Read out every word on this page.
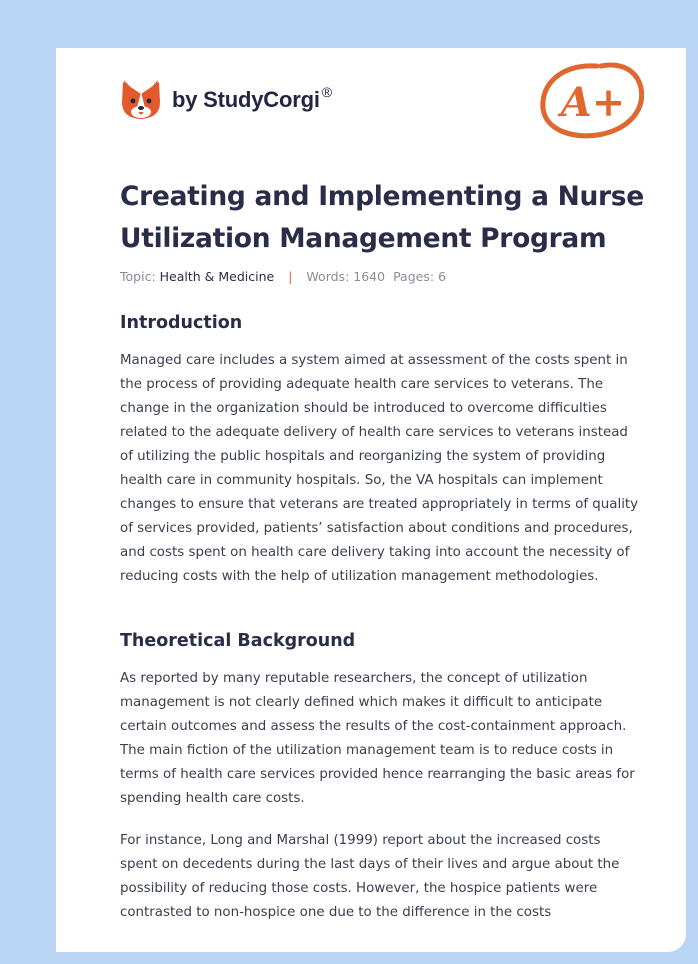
by StudyCorgi ®	A+
Creating and Implementing a Nurse Utilization Management Program
Topic: Health & Medicine | Words: 1640 Pages: 6
Introduction

Managed care includes a system aimed at assessment of the costs spent in the process of providing adequate health care services to veterans. The change in the organization should be introduced to overcome difficulties related to the adequate delivery of health care services to veterans instead of utilizing the public hospitals and reorganizing the system of providing health care in community hospitals. So, the VA hospitals can implement changes to ensure that veterans are treated appropriately in terms of quality of services provided, patients’ satisfaction about conditions and procedures, and costs spent on health care delivery taking into account the necessity of reducing costs with the help of utilization management methodologies.

Theoretical Background

As reported by many reputable researchers, the concept of utilization management is not clearly defined which makes it difficult to anticipate certain outcomes and assess the results of the cost-containment approach. The main fiction of the utilization management team is to reduce costs in terms of health care services provided hence rearranging the basic areas for spending health care costs.

For instance, Long and Marshal (1999) report about the increased costs spent on decedents during the last days of their lives and argue about the possibility of reducing those costs. However, the hospice patients were contrasted to non-hospice one due to the difference in the costs
